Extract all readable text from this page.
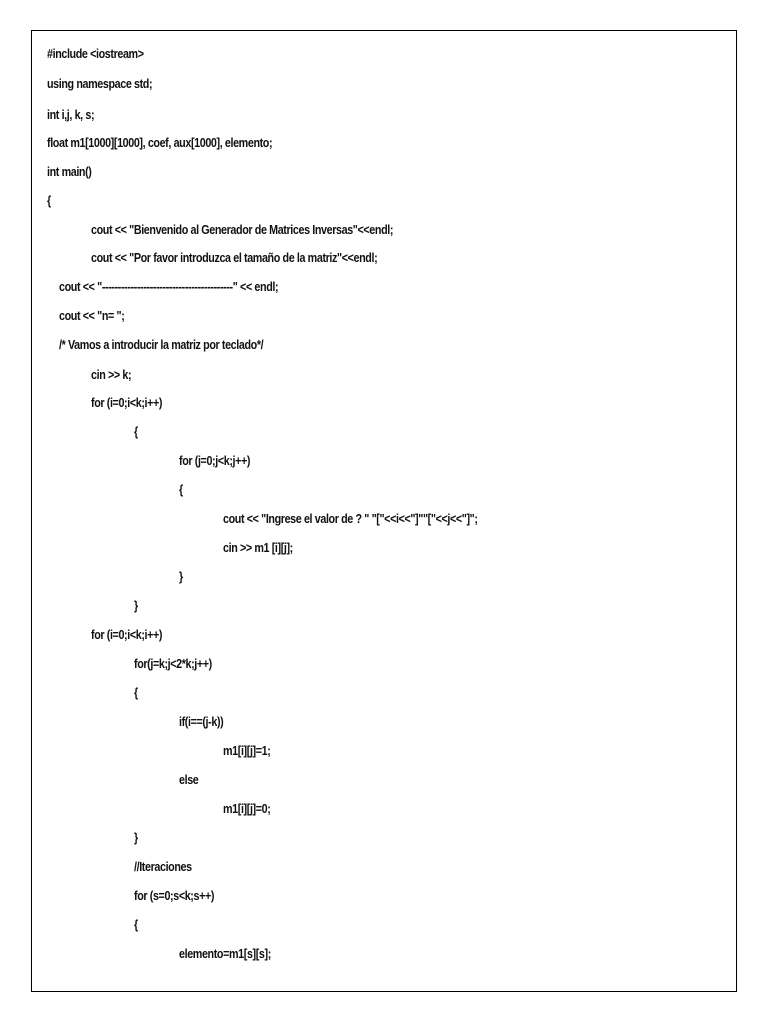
#include <iostream>
using namespace std;
int i,j, k, s;
float m1[1000][1000], coef, aux[1000], elemento;
int main()
{
cout << "Bienvenido al Generador de Matrices Inversas"<<endl;
cout << "Por favor introduzca el tamaño de la matriz"<<endl;
cout << "-----------------------------------------" << endl;
cout << "n= ";
/* Vamos a introducir la matriz por teclado*/
cin >> k;
for (i=0;i<k;i++)
{
for (j=0;j<k;j++)
{
cout << "Ingrese el valor de ? " "["<<i<<"]""["<<j<<"]";
cin >> m1 [i][j];
}
}
for (i=0;i<k;i++)
for(j=k;j<2*k;j++)
{
if(i==(j-k))
m1[i][j]=1;
else
m1[i][j]=0;
}
//Iteraciones
for (s=0;s<k;s++)
{
elemento=m1[s][s];
